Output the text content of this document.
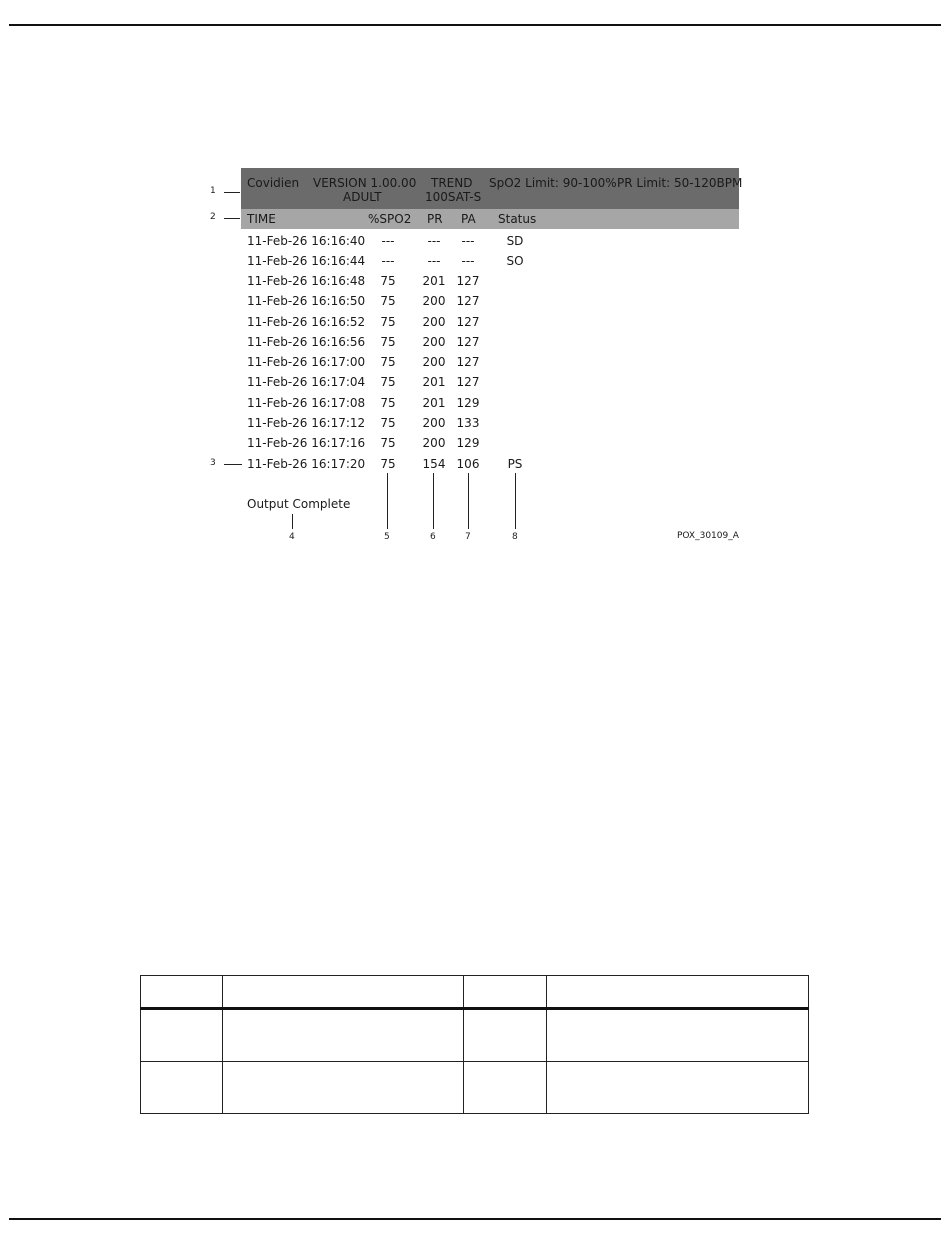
Covidien VERSION 1.00.00
ADULT
TREND
100SAT-S
SpO2 Limit: 90-100% PR Limit: 50-120BPM
TIME	%SPO2 PR PA Status
11-Feb-26 16:16:40	---	---	---	SD
11-Feb-26 16:16:44	---	---	---	SO
11-Feb-26 16:16:48	75	201 127
11-Feb-26 16:16:50	75	200 127
11-Feb-26 16:16:52	75	200 127
11-Feb-26 16:16:56	75	200 127
11-Feb-26 16:17:00	75	200 127
11-Feb-26 16:17:04	75	201 127
11-Feb-26 16:17:08	75	201 129
11-Feb-26 16:17:12	75	200 133
11-Feb-26 16:17:16	75	200 129
11-Feb-26 16:17:20	75	154 106	PS
Output Complete
1
2
3
4	5	6	7	8	POX_30109_A
